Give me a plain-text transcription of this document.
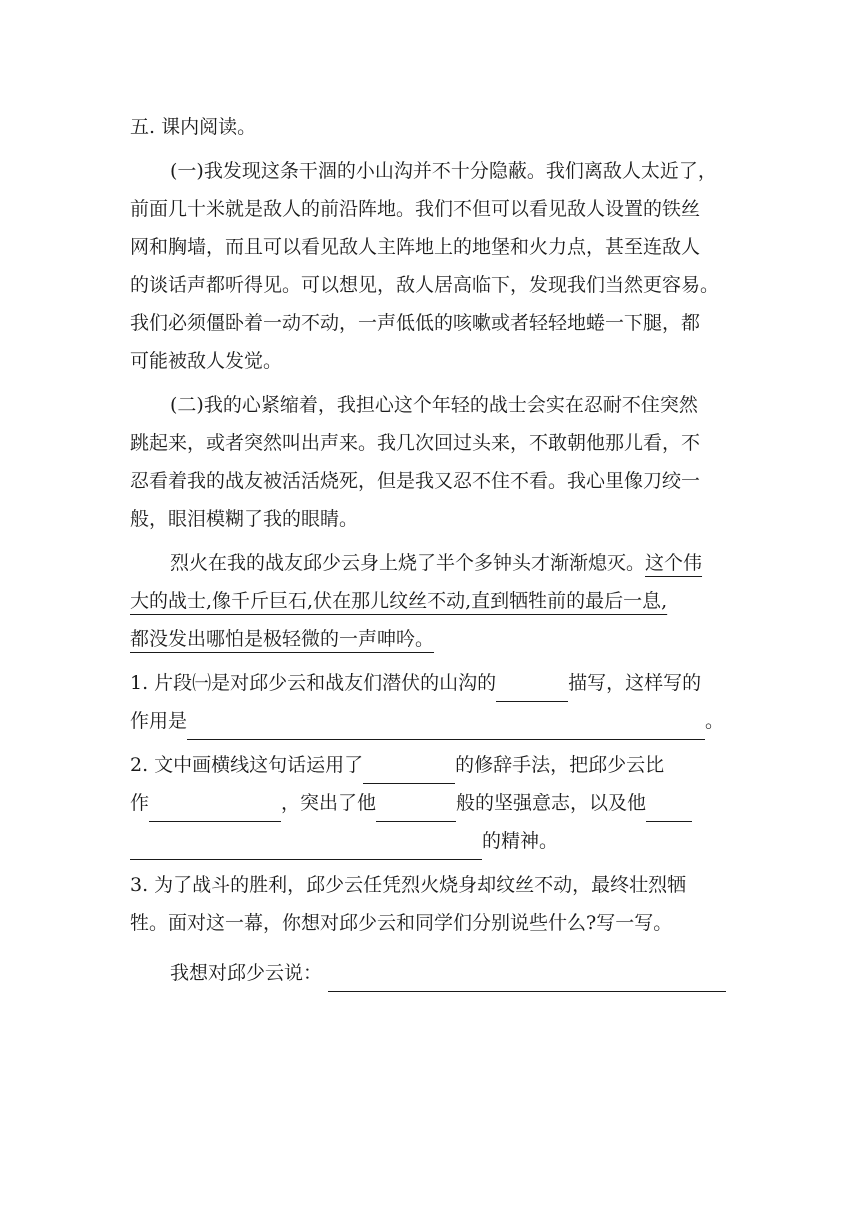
五. 课内阅读。
(一)我发现这条干涸的小山沟并不十分隐蔽。我们离敌人太近了，
前面几十米就是敌人的前沿阵地。我们不但可以看见敌人设置的铁丝
网和胸墙，而且可以看见敌人主阵地上的地堡和火力点，甚至连敌人
的谈话声都听得见。可以想见，敌人居高临下，发现我们当然更容易。
我们必须僵卧着一动不动，一声低低的咳嗽或者轻轻地蜷一下腿，都
可能被敌人发觉。
(二)我的心紧缩着，我担心这个年轻的战士会实在忍耐不住突然
跳起来，或者突然叫出声来。我几次回过头来，不敢朝他那儿看，不
忍看着我的战友被活活烧死，但是我又忍不住不看。我心里像刀绞一
般，眼泪模糊了我的眼睛。
烈火在我的战友邱少云身上烧了半个多钟头才渐渐熄灭。这个伟
大的战士,像千斤巨石,伏在那儿纹丝不动,直到牺牲前的最后一息,
都没发出哪怕是极轻微的一声呻吟。
1. 片段㈠是对邱少云和战友们潜伏的山沟的	描写，这样写的
作用是	。
2. 文中画横线这句话运用了	的修辞手法，把邱少云比
作	，突出了他	般的坚强意志，以及他
的精神。
3. 为了战斗的胜利，邱少云任凭烈火烧身却纹丝不动，最终壮烈牺
牲。面对这一幕，你想对邱少云和同学们分别说些什么?写一写。
我想对邱少云说：
